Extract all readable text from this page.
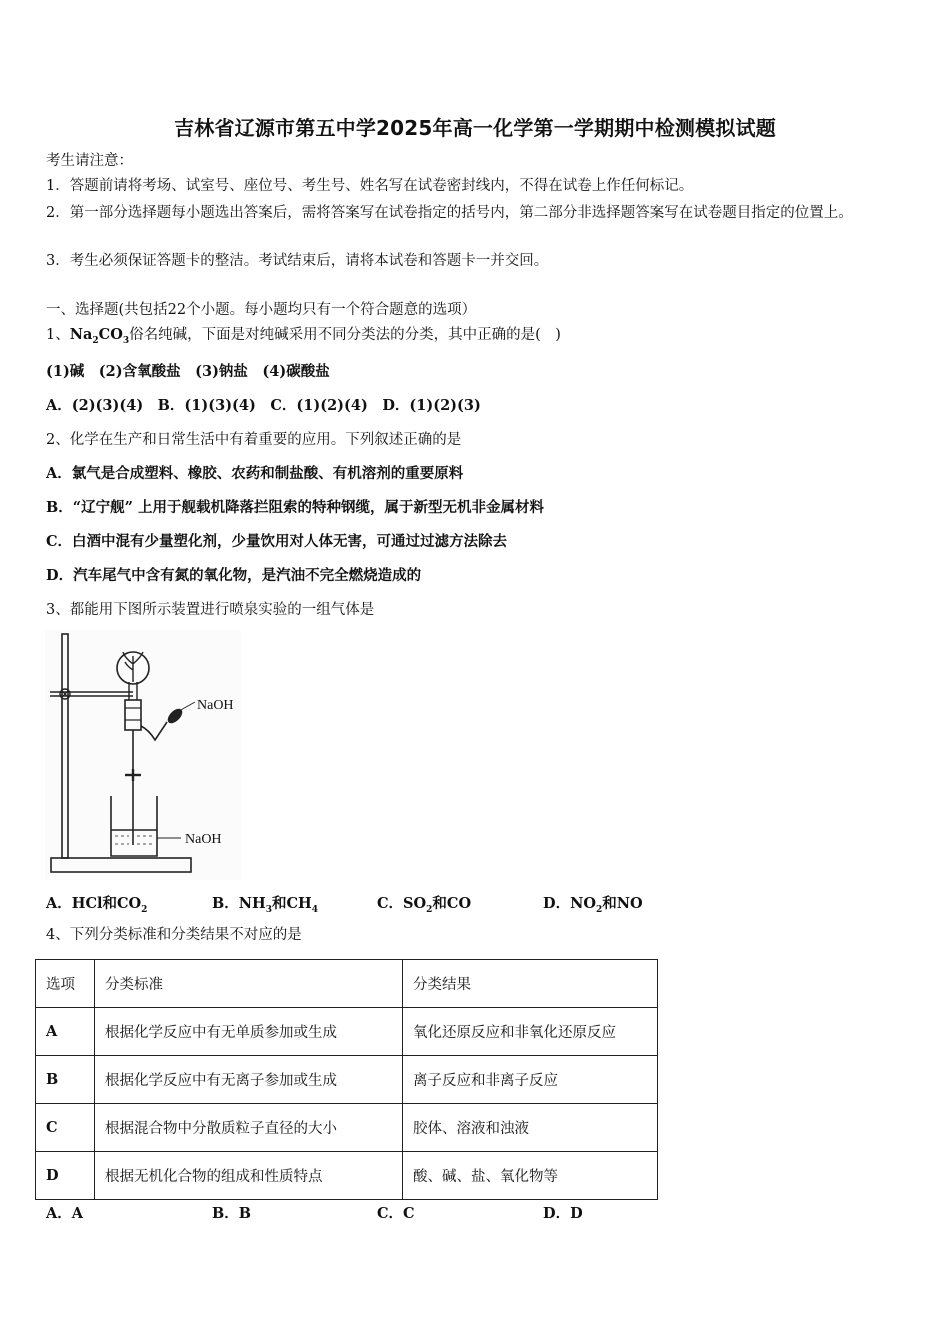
吉林省辽源市第五中学2025年高一化学第一学期期中检测模拟试题
考生请注意：
1．答题前请将考场、试室号、座位号、考生号、姓名写在试卷密封线内，不得在试卷上作任何标记。
2．第一部分选择题每小题选出答案后，需将答案写在试卷指定的括号内，第二部分非选择题答案写在试卷题目指定的位置上。
3．考生必须保证答题卡的整洁。考试结束后，请将本试卷和答题卡一并交回。
一、选择题(共包括22个小题。每小题均只有一个符合题意的选项）
1、$Na_2CO_3$俗名纯碱，下面是对纯碱采用不同分类法的分类，其中正确的是(　)
(1)碱　(2)含氧酸盐　(3)钠盐　(4)碳酸盐
A．(2)(3)(4)　B．(1)(3)(4)　C．(1)(2)(4)　D．(1)(2)(3)
2、化学在生产和日常生活中有着重要的应用。下列叙述正确的是
A．氯气是合成塑料、橡胶、农药和制盐酸、有机溶剂的重要原料
B．“辽宁舰” 上用于舰载机降落拦阻索的特种钢缆，属于新型无机非金属材料
C．白酒中混有少量塑化剂，少量饮用对人体无害，可通过过滤方法除去
D．汽车尾气中含有氮的氧化物，是汽油不完全燃烧造成的
3、都能用下图所示装置进行喷泉实验的一组气体是
NaOH
NaOH
A．HCl和$CO_2$	B．$NH_3$和$CH_4$	C．$SO_2$和CO	D．$NO_2$和NO
4、下列分类标准和分类结果不对应的是
选项	分类标准	分类结果
A	根据化学反应中有无单质参加或生成	氧化还原反应和非氧化还原反应
B	根据化学反应中有无离子参加或生成	离子反应和非离子反应
C	根据混合物中分散质粒子直径的大小	胶体、溶液和浊液
D	根据无机化合物的组成和性质特点	酸、碱、盐、氧化物等
A．A	B．B	C．C	D．D
